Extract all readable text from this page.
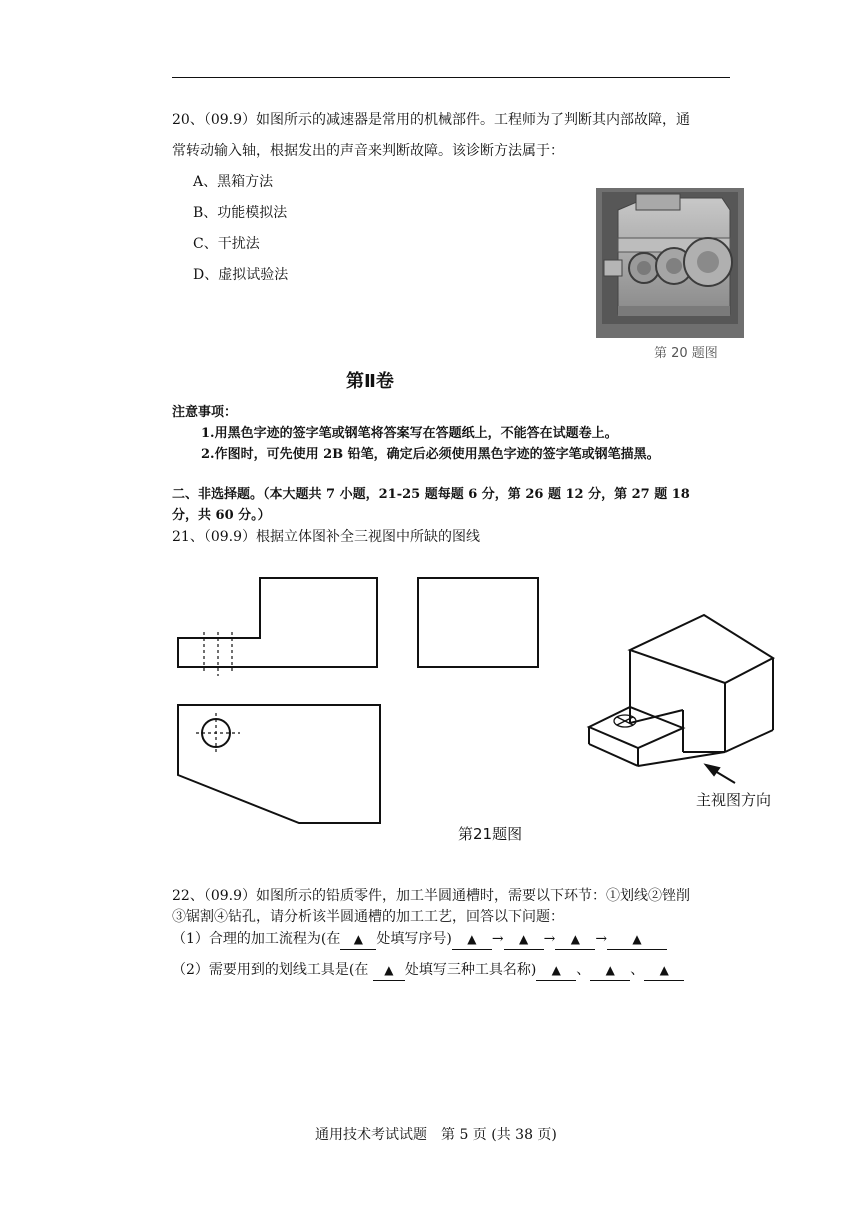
20、（09.9）如图所示的减速器是常用的机械部件。工程师为了判断其内部故障，通
常转动输入轴，根据发出的声音来判断故障。该诊断方法属于：
A、黑箱方法
B、功能模拟法
C、干扰法
D、虚拟试验法
第 20 题图
第Ⅱ卷
注意事项：
1.用黑色字迹的签字笔或钢笔将答案写在答题纸上，不能答在试题卷上。
2.作图时，可先使用 2B 铅笔，确定后必须使用黑色字迹的签字笔或钢笔描黑。
二、非选择题。（本大题共 7 小题，21-25 题每题 6 分，第 26 题 12 分，第 27 题 18
分，共 60 分。）
21、（09.9）根据立体图补全三视图中所缺的图线
主视图方向
第21题图
22、（09.9）如图所示的铅质零件，加工半圆通槽时，需要以下环节：①划线②锉削
③锯割④钻孔，请分析该半圆通槽的加工工艺，回答以下问题：
（1）合理的加工流程为(在 ▲ 处填写序号) ▲ → ▲ → ▲ → ▲
（2）需要用到的划线工具是(在 ▲ 处填写三种工具名称) ▲ 、 ▲ 、 ▲
通用技术考试试题　第 5 页 (共 38 页)
